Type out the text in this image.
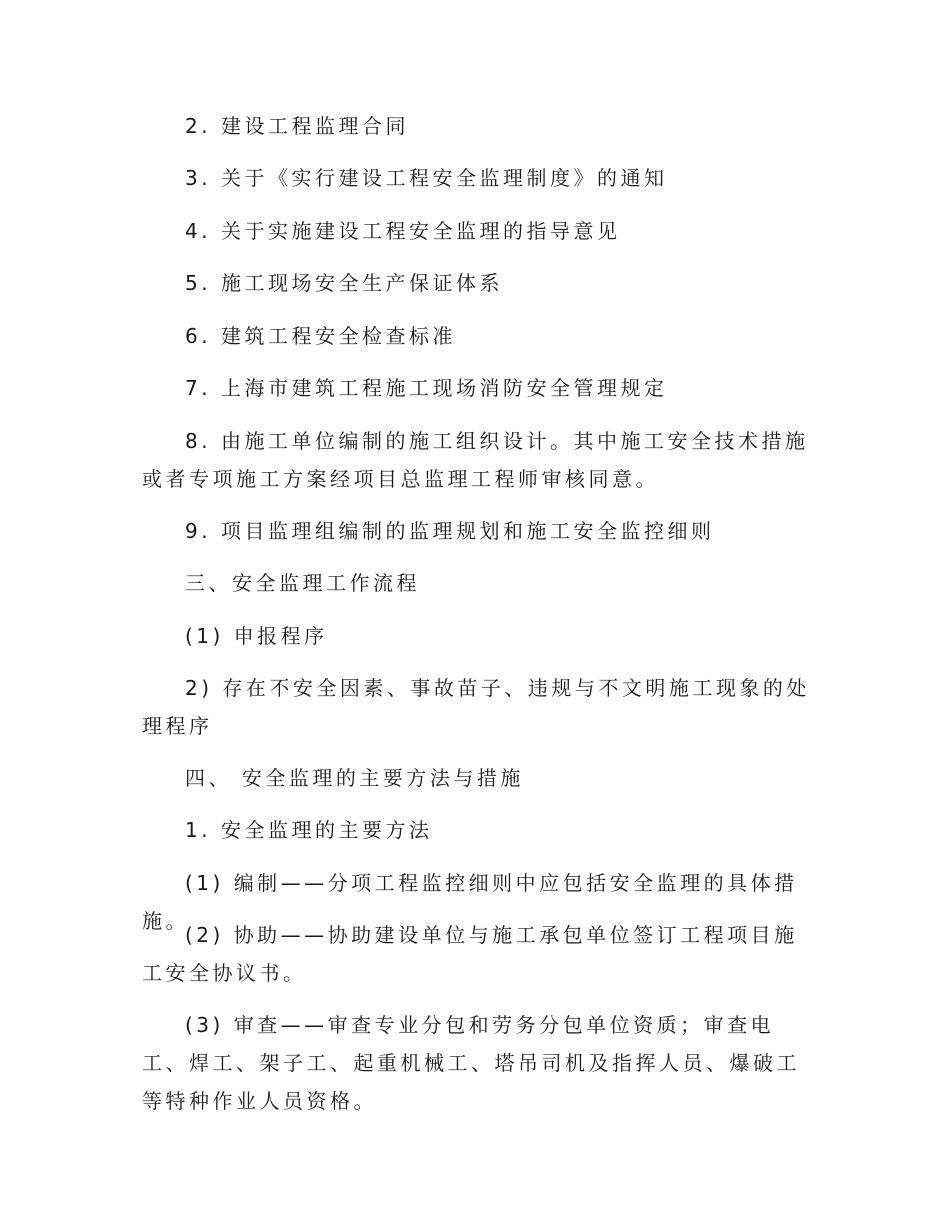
2. 建设工程监理合同

3. 关于《实行建设工程安全监理制度》的通知

4. 关于实施建设工程安全监理的指导意见

5. 施工现场安全生产保证体系

6. 建筑工程安全检查标准

7. 上海市建筑工程施工现场消防安全管理规定

8. 由施工单位编制的施工组织设计。其中施工安全技术措施或者专项施工方案经项目总监理工程师审核同意。

9. 项目监理组编制的监理规划和施工安全监控细则

三、安全监理工作流程

(1) 申报程序

2) 存在不安全因素、事故苗子、违规与不文明施工现象的处理程序

四、 安全监理的主要方法与措施

1. 安全监理的主要方法

(1) 编制——分项工程监控细则中应包括安全监理的具体措施。

(2) 协助——协助建设单位与施工承包单位签订工程项目施工安全协议书。

(3) 审查——审查专业分包和劳务分包单位资质；审查电工、焊工、架子工、起重机械工、塔吊司机及指挥人员、爆破工等特种作业人员资格。
